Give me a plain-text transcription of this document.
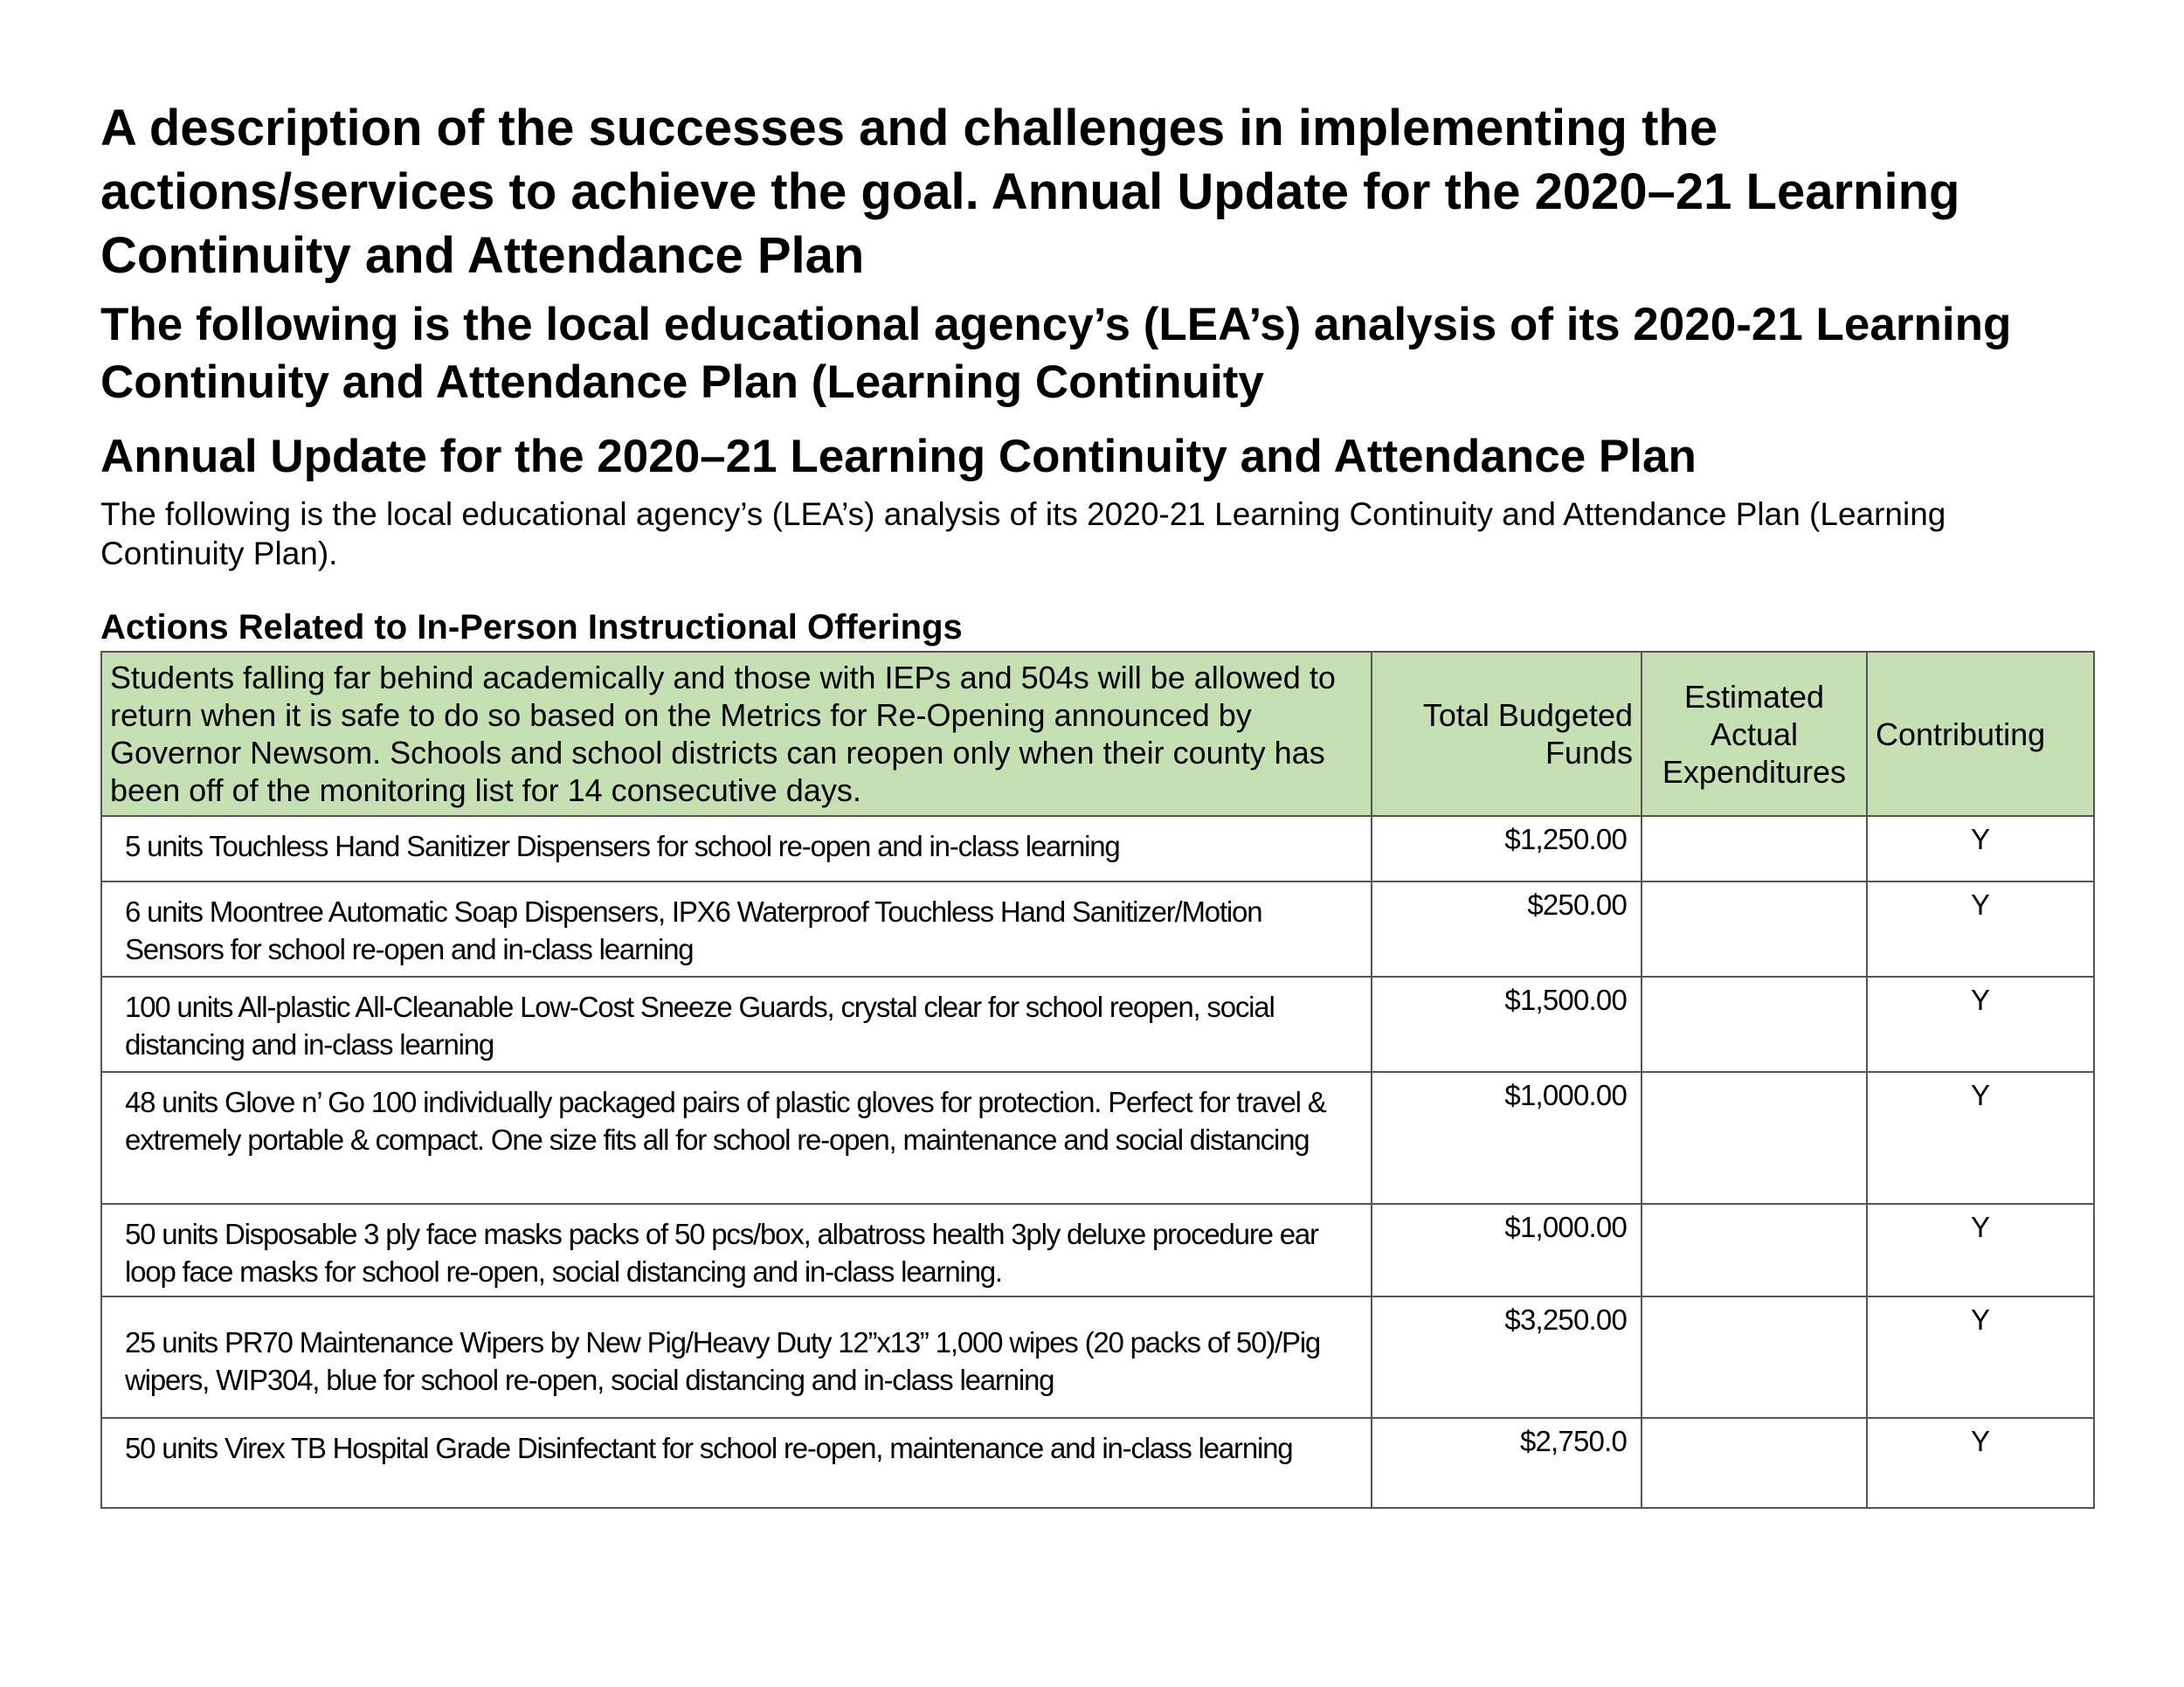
A description of the successes and challenges in implementing the actions/services to achieve the goal. Annual Update for the 2020–21 Learning Continuity and Attendance Plan
The following is the local educational agency’s (LEA’s) analysis of its 2020-21 Learning Continuity and Attendance Plan (Learning Continuity
Annual Update for the 2020–21 Learning Continuity and Attendance Plan

The following is the local educational agency’s (LEA’s) analysis of its 2020-21 Learning Continuity and Attendance Plan (Learning Continuity Plan).

Actions Related to In-Person Instructional Offerings
Students falling far behind academically and those with IEPs and 504s will be allowed to return when it is safe to do so based on the Metrics for Re-Opening announced by Governor Newsom. Schools and school districts can reopen only when their county has been off of the monitoring list for 14 consecutive days.	Total Budgeted Funds	Estimated Actual Expenditures	Contributing
5 units Touchless Hand Sanitizer Dispensers for school re-open and in-class learning	$1,250.00		Y
6 units Moontree Automatic Soap Dispensers, IPX6 Waterproof Touchless Hand Sanitizer/Motion Sensors for school re-open and in-class learning	$250.00		Y
100 units All-plastic All-Cleanable Low-Cost Sneeze Guards, crystal clear for school reopen, social distancing and in-class learning	$1,500.00		Y
48 units Glove n’ Go 100 individually packaged pairs of plastic gloves for protection. Perfect for travel & extremely portable & compact. One size fits all for school re-open, maintenance and social distancing	$1,000.00		Y
50 units Disposable 3 ply face masks packs of 50 pcs/box, albatross health 3ply deluxe procedure ear loop face masks for school re-open, social distancing and in-class learning.	$1,000.00		Y
25 units PR70 Maintenance Wipers by New Pig/Heavy Duty 12”x13” 1,000 wipes (20 packs of 50)/Pig wipers, WIP304, blue for school re-open, social distancing and in-class learning	$3,250.00		Y
50 units Virex TB Hospital Grade Disinfectant for school re-open, maintenance and in-class learning	$2,750.0		Y
